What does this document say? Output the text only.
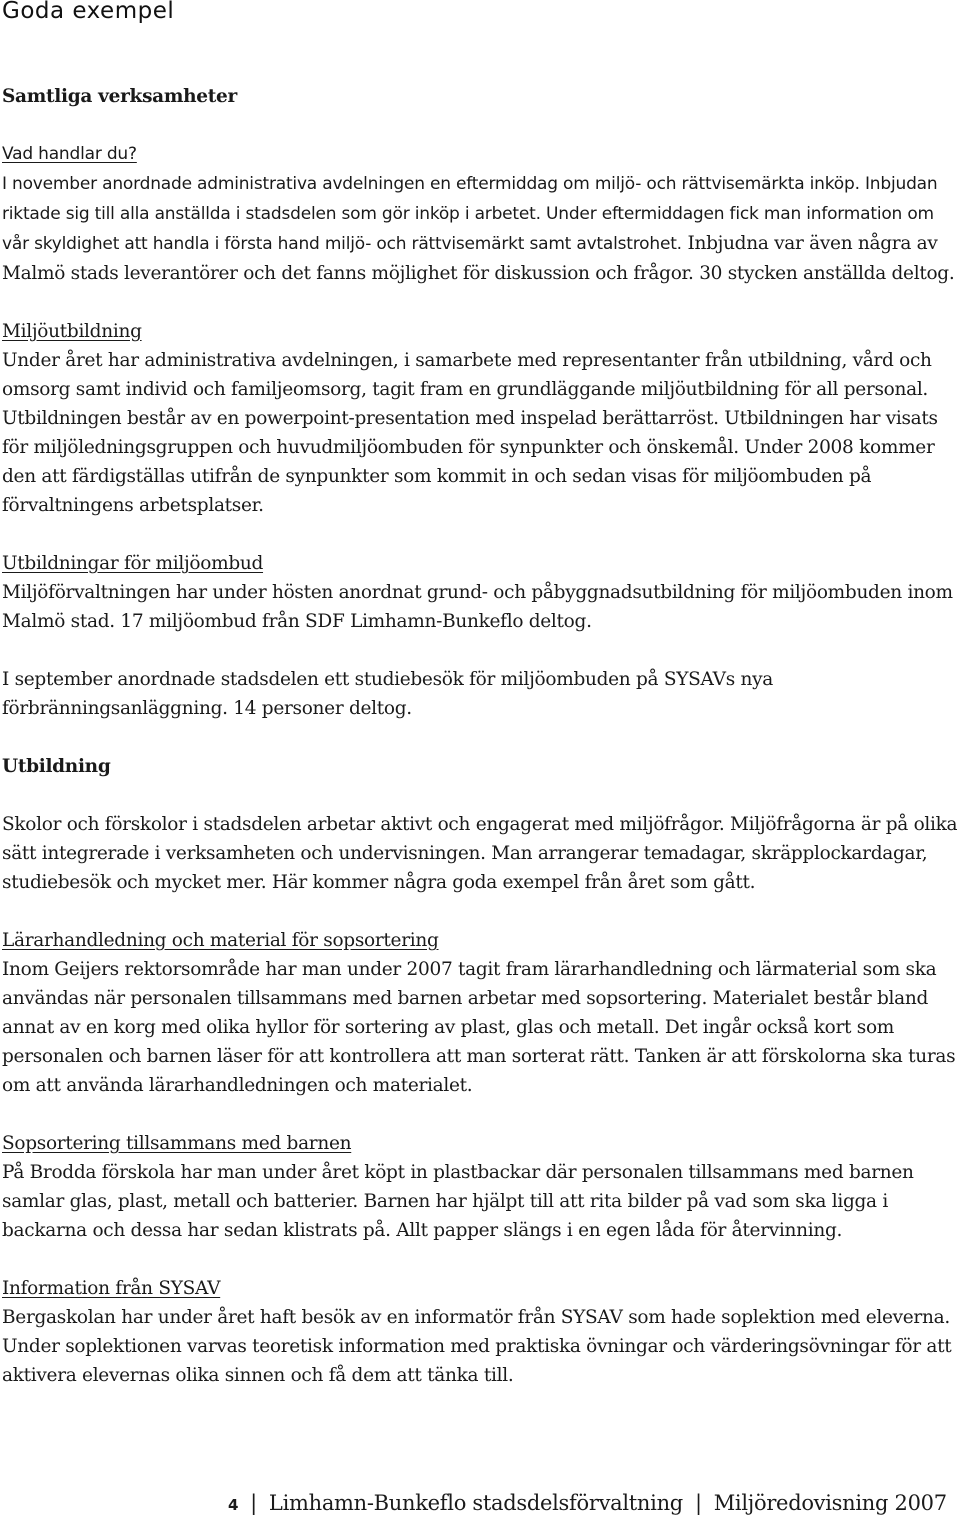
Goda exempel

Samtliga verksamheter

Vad handlar du?

I november anordnade administrativa avdelningen en eftermiddag om miljö- och rättvisemärkta inköp. Inbjudan riktade sig till alla anställda i stadsdelen som gör inköp i arbetet. Under eftermiddagen fick man information om vår skyldighet att handla i första hand miljö- och rättvisemärkt samt avtalstrohet. Inbjudna var även några av Malmö stads leverantörer och det fanns möjlighet för diskussion och frågor. 30 stycken anställda deltog.

Miljöutbildning

Under året har administrativa avdelningen, i samarbete med representanter från utbildning, vård och omsorg samt individ och familjeomsorg, tagit fram en grundläggande miljöutbildning för all personal. Utbildningen består av en powerpoint-presentation med inspelad berättarröst. Utbildningen har visats för miljöledningsgruppen och huvudmiljöombuden för synpunkter och önskemål. Under 2008 kommer den att färdigställas utifrån de synpunkter som kommit in och sedan visas för miljöombuden på förvaltningens arbetsplatser.

Utbildningar för miljöombud

Miljöförvaltningen har under hösten anordnat grund- och påbyggnadsutbildning för miljöombuden inom Malmö stad. 17 miljöombud från SDF Limhamn-Bunkeflo deltog.

I september anordnade stadsdelen ett studiebesök för miljöombuden på SYSAVs nya förbränningsanläggning. 14 personer deltog.

Utbildning

Skolor och förskolor i stadsdelen arbetar aktivt och engagerat med miljöfrågor. Miljöfrågorna är på olika sätt integrerade i verksamheten och undervisningen. Man arrangerar temadagar, skräpplockardagar, studiebesök och mycket mer. Här kommer några goda exempel från året som gått.

Lärarhandledning och material för sopsortering

Inom Geijers rektorsområde har man under 2007 tagit fram lärarhandledning och lärmaterial som ska användas när personalen tillsammans med barnen arbetar med sopsortering. Materialet består bland annat av en korg med olika hyllor för sortering av plast, glas och metall. Det ingår också kort som personalen och barnen läser för att kontrollera att man sorterat rätt. Tanken är att förskolorna ska turas om att använda lärarhandledningen och materialet.

Sopsortering tillsammans med barnen

På Brodda förskola har man under året köpt in plastbackar där personalen tillsammans med barnen samlar glas, plast, metall och batterier. Barnen har hjälpt till att rita bilder på vad som ska ligga i backarna och dessa har sedan klistrats på. Allt papper slängs i en egen låda för återvinning.

Information från SYSAV

Bergaskolan har under året haft besök av en informatör från SYSAV som hade soplektion med eleverna. Under soplektionen varvas teoretisk information med praktiska övningar och värderingsövningar för att aktivera elevernas olika sinnen och få dem att tänka till.

4 | Limhamn-Bunkeflo stadsdelsförvaltning | Miljöredovisning 2007
